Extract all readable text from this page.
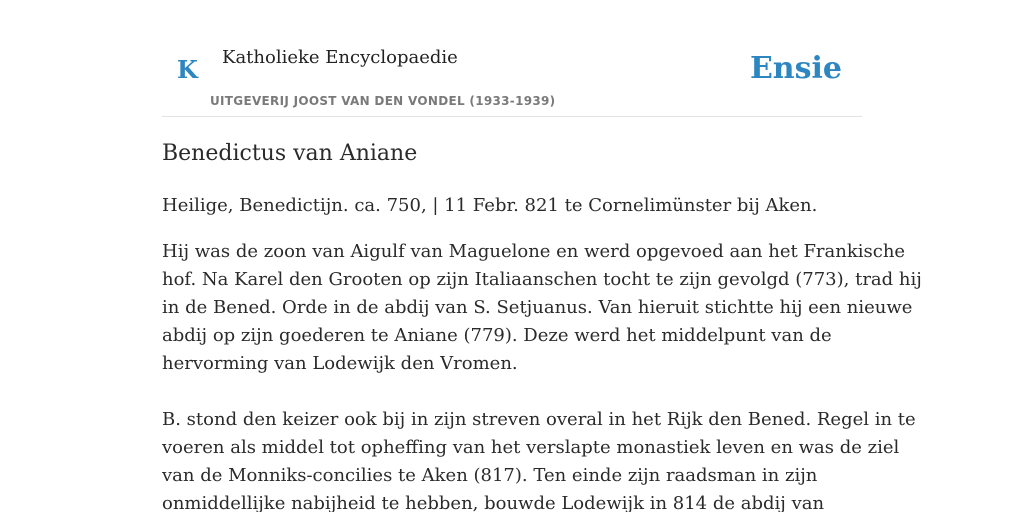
K Katholieke Encyclopaedie
UITGEVERIJ JOOST VAN DEN VONDEL (1933-1939)
Ensie
Benedictus van Aniane

Heilige, Benedictijn. ca. 750, | 11 Febr. 821 te Cornelimünster bij Aken.

Hij was de zoon van Aigulf van Maguelone en werd opgevoed aan het Frankische
hof. Na Karel den Grooten op zijn Italiaanschen tocht te zijn gevolgd (773), trad hij
in de Bened. Orde in de abdij van S. Setjuanus. Van hieruit stichtte hij een nieuwe
abdij op zijn goederen te Aniane (779). Deze werd het middelpunt van de
hervorming van Lodewijk den Vromen.

B. stond den keizer ook bij in zijn streven overal in het Rijk den Bened. Regel in te
voeren als middel tot opheffing van het verslapte monastiek leven en was de ziel
van de Monniks-concilies te Aken (817). Ten einde zijn raadsman in zijn
onmiddellijke nabijheid te hebben, bouwde Lodewijk in 814 de abdij van
